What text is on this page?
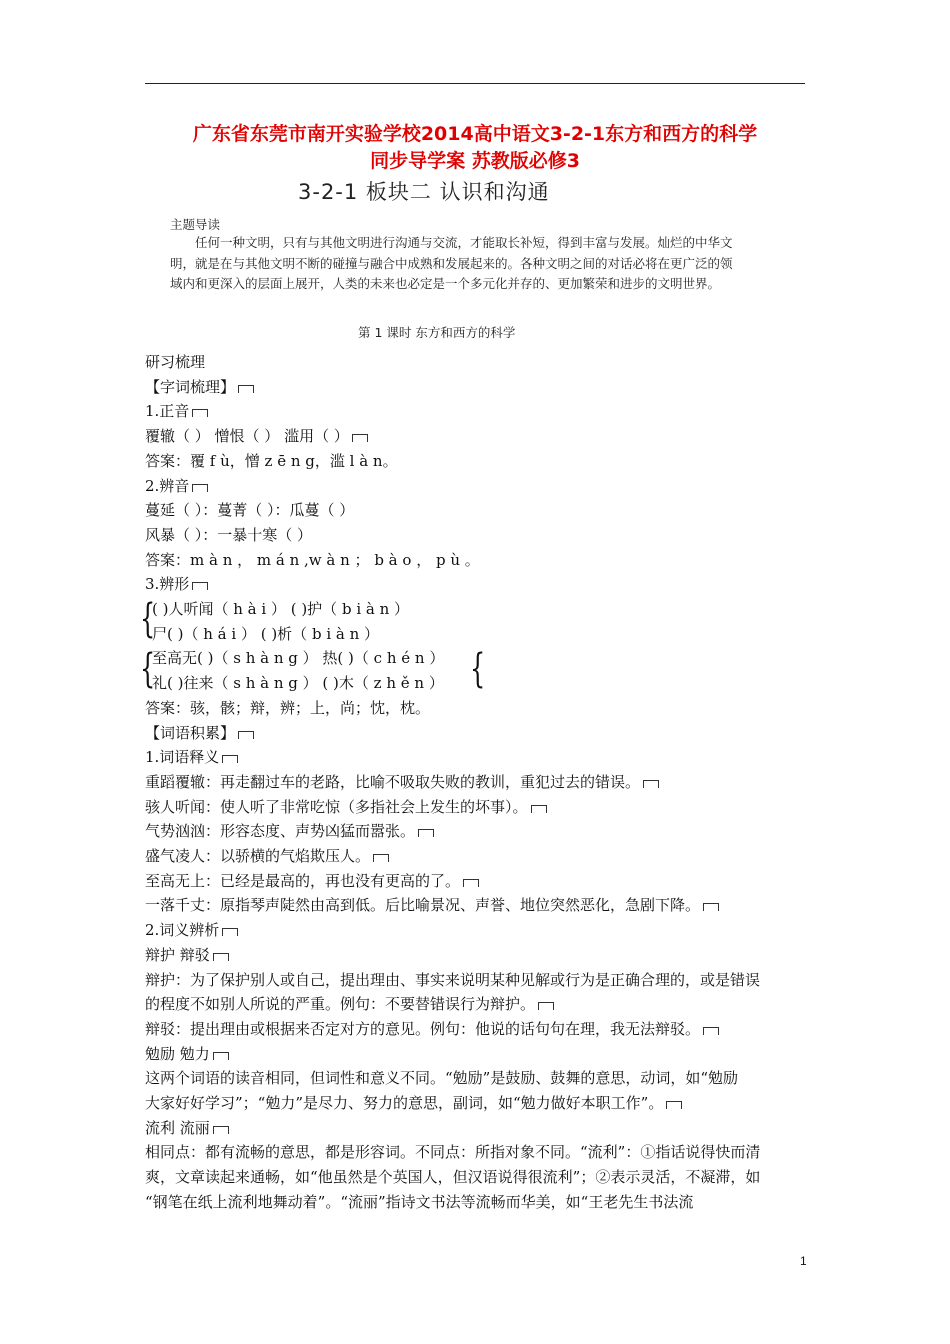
广东省东莞市南开实验学校2014高中语文3-2-1东方和西方的科学
同步导学案 苏教版必修3
3-2-1 板块二 认识和沟通
主题导读
任何一种文明，只有与其他文明进行沟通与交流，才能取长补短，得到丰富与发展。灿烂的中华文明，就是在与其他文明不断的碰撞与融合中成熟和发展起来的。各种文明之间的对话必将在更广泛的领域内和更深入的层面上展开，人类的未来也必定是一个多元化并存的、更加繁荣和进步的文明世界。
第 1 课时 东方和西方的科学
研习梳理
【字词梳理】
1.正音
覆辙（ ） 憎恨（ ） 滥用（ ）
答案：覆 f ù，憎 z ē n g，滥 l à n。
2.辨音
蔓延（ ）：蔓菁（ ）：瓜蔓（ ）
风暴（ ）：一暴十寒（ ）
答案：m à n ， m á n ,w à n ； b à o ， p ù 。
3.辨形
( )人听闻（ h à i ） ( )护（ b i à n ）
尸( )（ h á i ） ( )析（ b i à n ）
至高无( )（ s h à n g ） 热( )（ c h é n ）
礼( )往来（ s h à n g ） ( )木（ z h ě n ）
答案：骇，骸；辩，辨；上，尚；忱，枕。
【词语积累】
1.词语释义
重蹈覆辙：再走翻过车的老路，比喻不吸取失败的教训，重犯过去的错误。
骇人听闻：使人听了非常吃惊（多指社会上发生的坏事）。
气势汹汹：形容态度、声势凶猛而嚣张。
盛气凌人：以骄横的气焰欺压人。
至高无上：已经是最高的，再也没有更高的了。
一落千丈：原指琴声陡然由高到低。后比喻景况、声誉、地位突然恶化，急剧下降。
2.词义辨析
辩护 辩驳
辩护：为了保护别人或自己，提出理由、事实来说明某种见解或行为是正确合理的，或是错误
的程度不如别人所说的严重。例句：不要替错误行为辩护。
辩驳：提出理由或根据来否定对方的意见。例句：他说的话句句在理，我无法辩驳。
勉励 勉力
这两个词语的读音相同，但词性和意义不同。“勉励”是鼓励、鼓舞的意思，动词，如“勉励
大家好好学习”；“勉力”是尽力、努力的意思，副词，如“勉力做好本职工作”。
流利 流丽
相同点：都有流畅的意思，都是形容词。不同点：所指对象不同。“流利”：①指话说得快而清
爽，文章读起来通畅，如“他虽然是个英国人，但汉语说得很流利”；②表示灵活，不凝滞，如
“钢笔在纸上流利地舞动着”。“流丽”指诗文书法等流畅而华美，如“王老先生书法流
{
{	{
1
